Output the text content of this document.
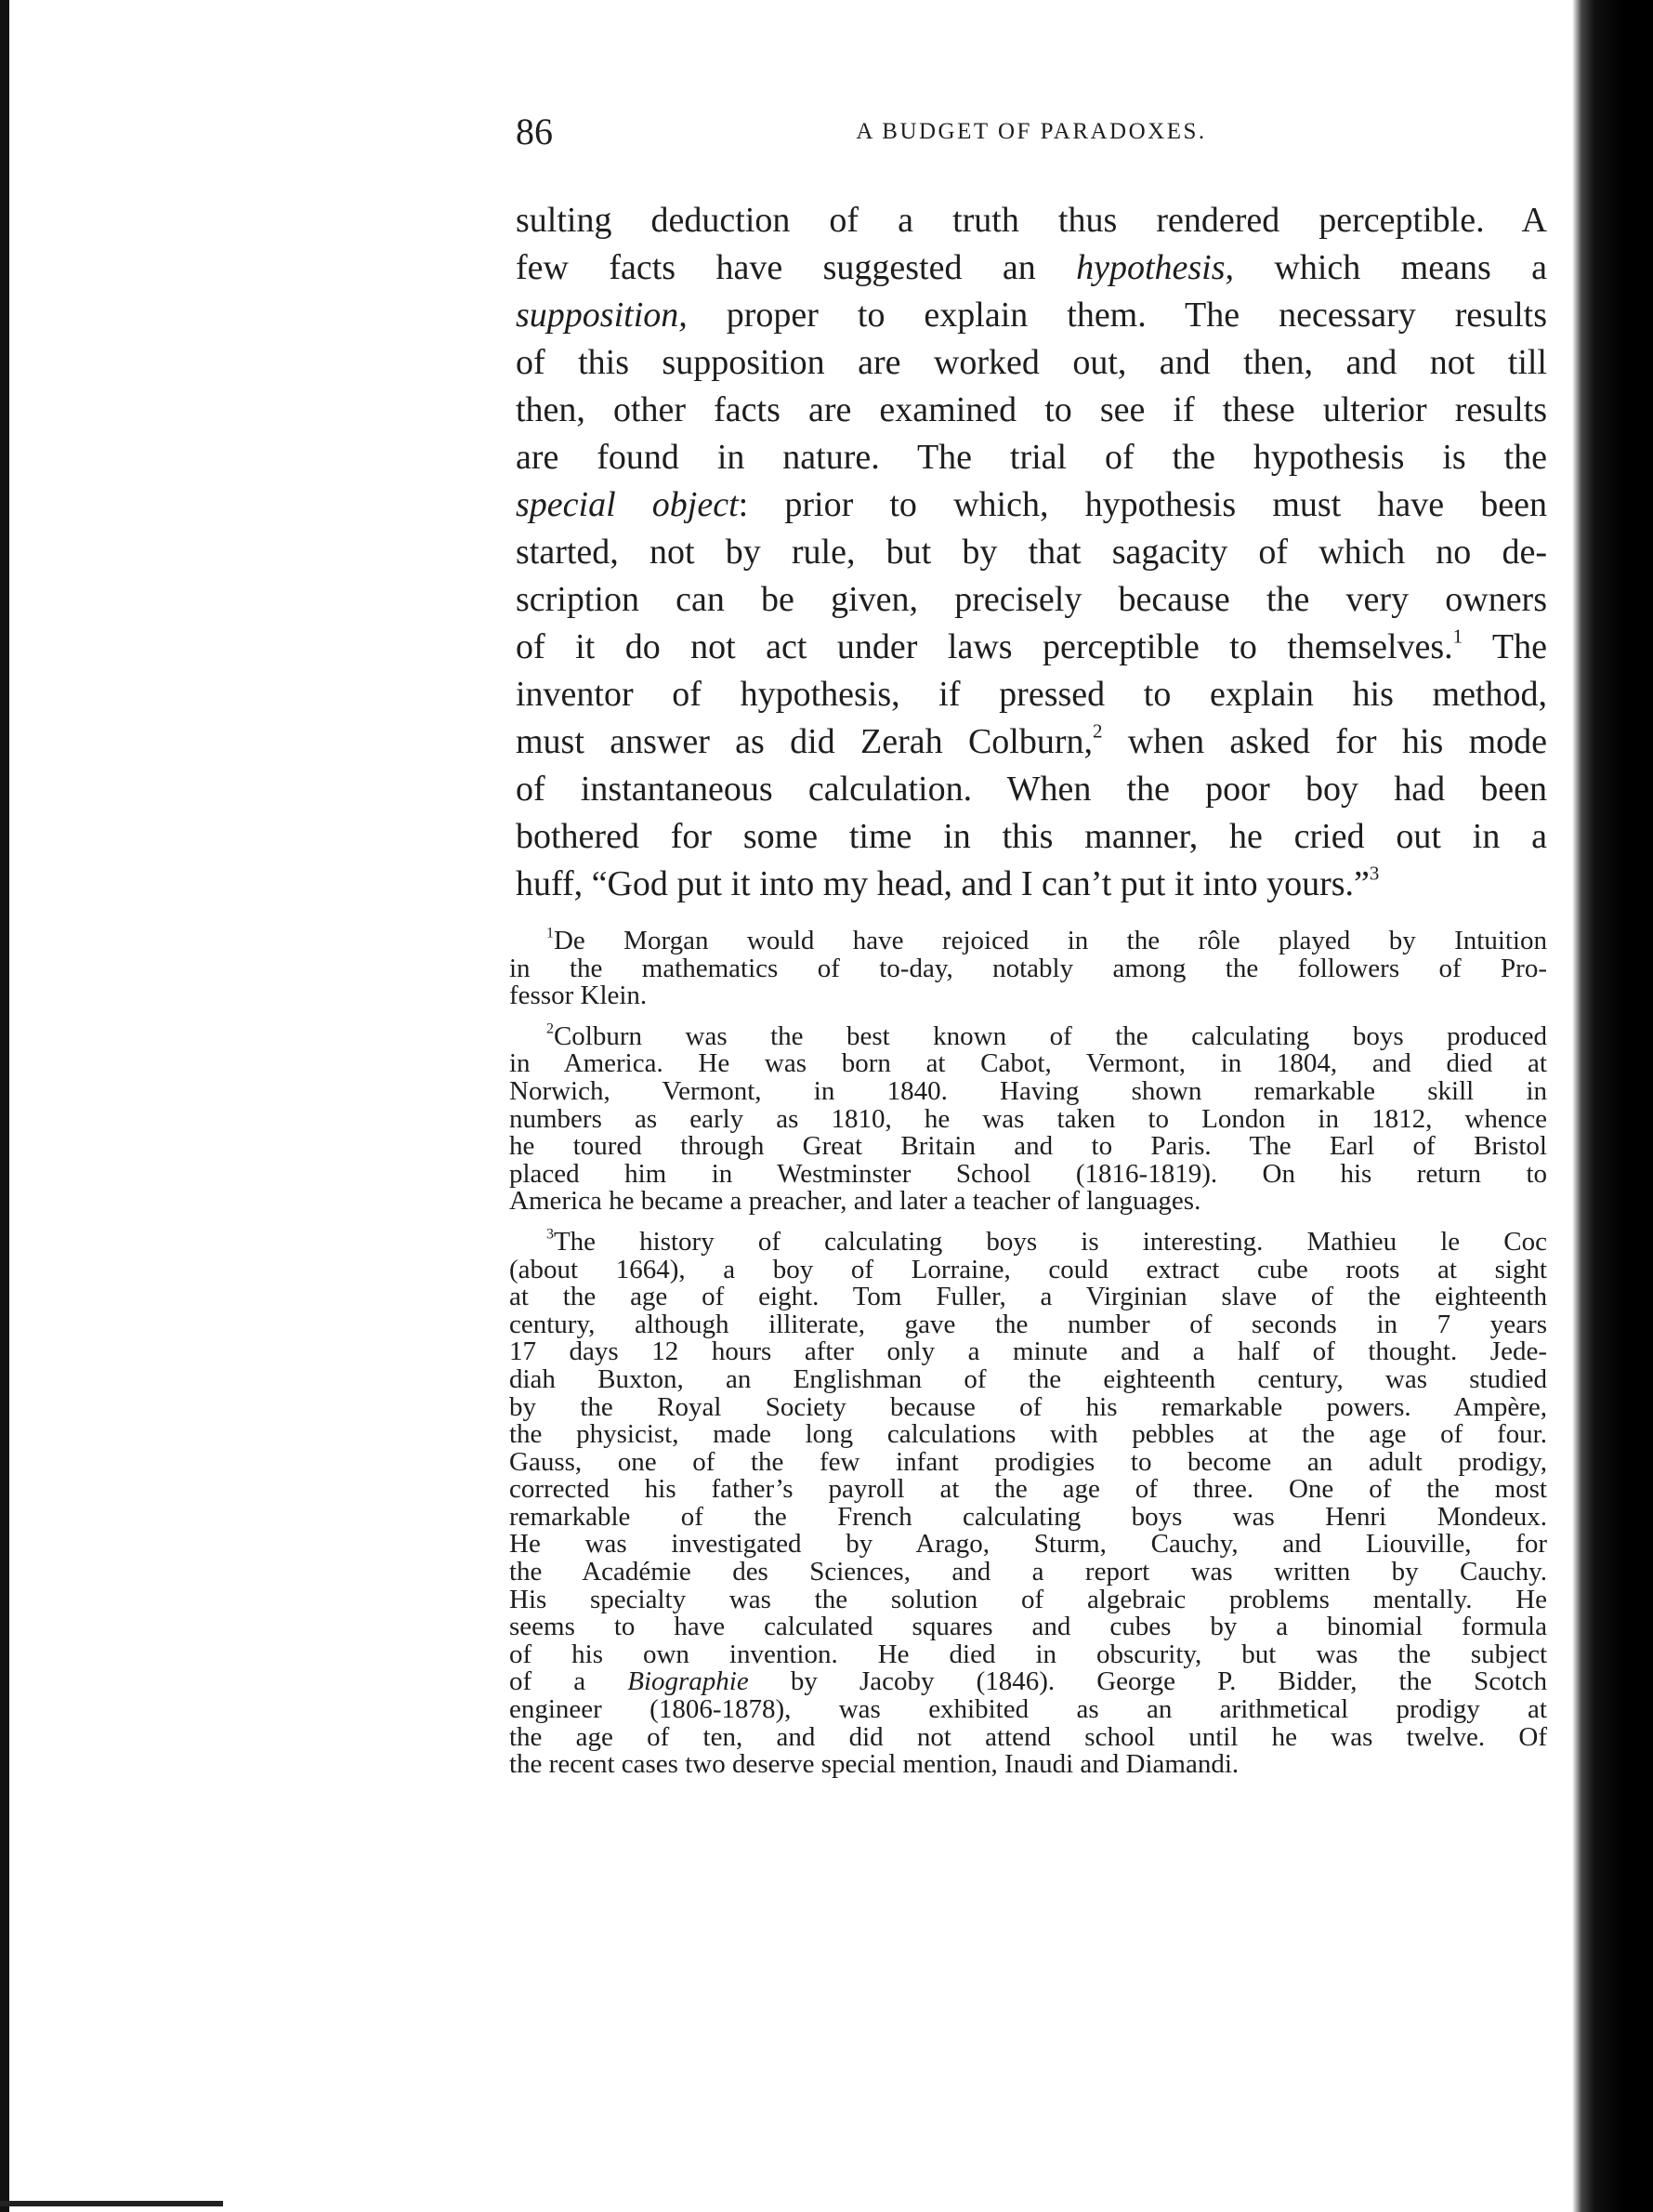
86	A BUDGET OF PARADOXES.

sulting deduction of a truth thus rendered perceptible. A
few facts have suggested an hypothesis, which means a
supposition, proper to explain them. The necessary results
of this supposition are worked out, and then, and not till
then, other facts are examined to see if these ulterior results
are found in nature. The trial of the hypothesis is the
special object: prior to which, hypothesis must have been
started, not by rule, but by that sagacity of which no de-
scription can be given, precisely because the very owners
of it do not act under laws perceptible to themselves.$^1$ The
inventor of hypothesis, if pressed to explain his method,
must answer as did Zerah Colburn,$^2$ when asked for his mode
of instantaneous calculation. When the poor boy had been
bothered for some time in this manner, he cried out in a
huff, “God put it into my head, and I can’t put it into yours.”$^3$

$^1$De Morgan would have rejoiced in the rôle played by Intuition
in the mathematics of to-day, notably among the followers of Pro-
fessor Klein.
$^2$Colburn was the best known of the calculating boys produced
in America. He was born at Cabot, Vermont, in 1804, and died at
Norwich, Vermont, in 1840. Having shown remarkable skill in
numbers as early as 1810, he was taken to London in 1812, whence
he toured through Great Britain and to Paris. The Earl of Bristol
placed him in Westminster School (1816-1819). On his return to
America he became a preacher, and later a teacher of languages.
$^3$The history of calculating boys is interesting. Mathieu le Coc
(about 1664), a boy of Lorraine, could extract cube roots at sight
at the age of eight. Tom Fuller, a Virginian slave of the eighteenth
century, although illiterate, gave the number of seconds in 7 years
17 days 12 hours after only a minute and a half of thought. Jede-
diah Buxton, an Englishman of the eighteenth century, was studied
by the Royal Society because of his remarkable powers. Ampère,
the physicist, made long calculations with pebbles at the age of four.
Gauss, one of the few infant prodigies to become an adult prodigy,
corrected his father’s payroll at the age of three. One of the most
remarkable of the French calculating boys was Henri Mondeux.
He was investigated by Arago, Sturm, Cauchy, and Liouville, for
the Académie des Sciences, and a report was written by Cauchy.
His specialty was the solution of algebraic problems mentally. He
seems to have calculated squares and cubes by a binomial formula
of his own invention. He died in obscurity, but was the subject
of a Biographie by Jacoby (1846). George P. Bidder, the Scotch
engineer (1806-1878), was exhibited as an arithmetical prodigy at
the age of ten, and did not attend school until he was twelve. Of
the recent cases two deserve special mention, Inaudi and Diamandi.
